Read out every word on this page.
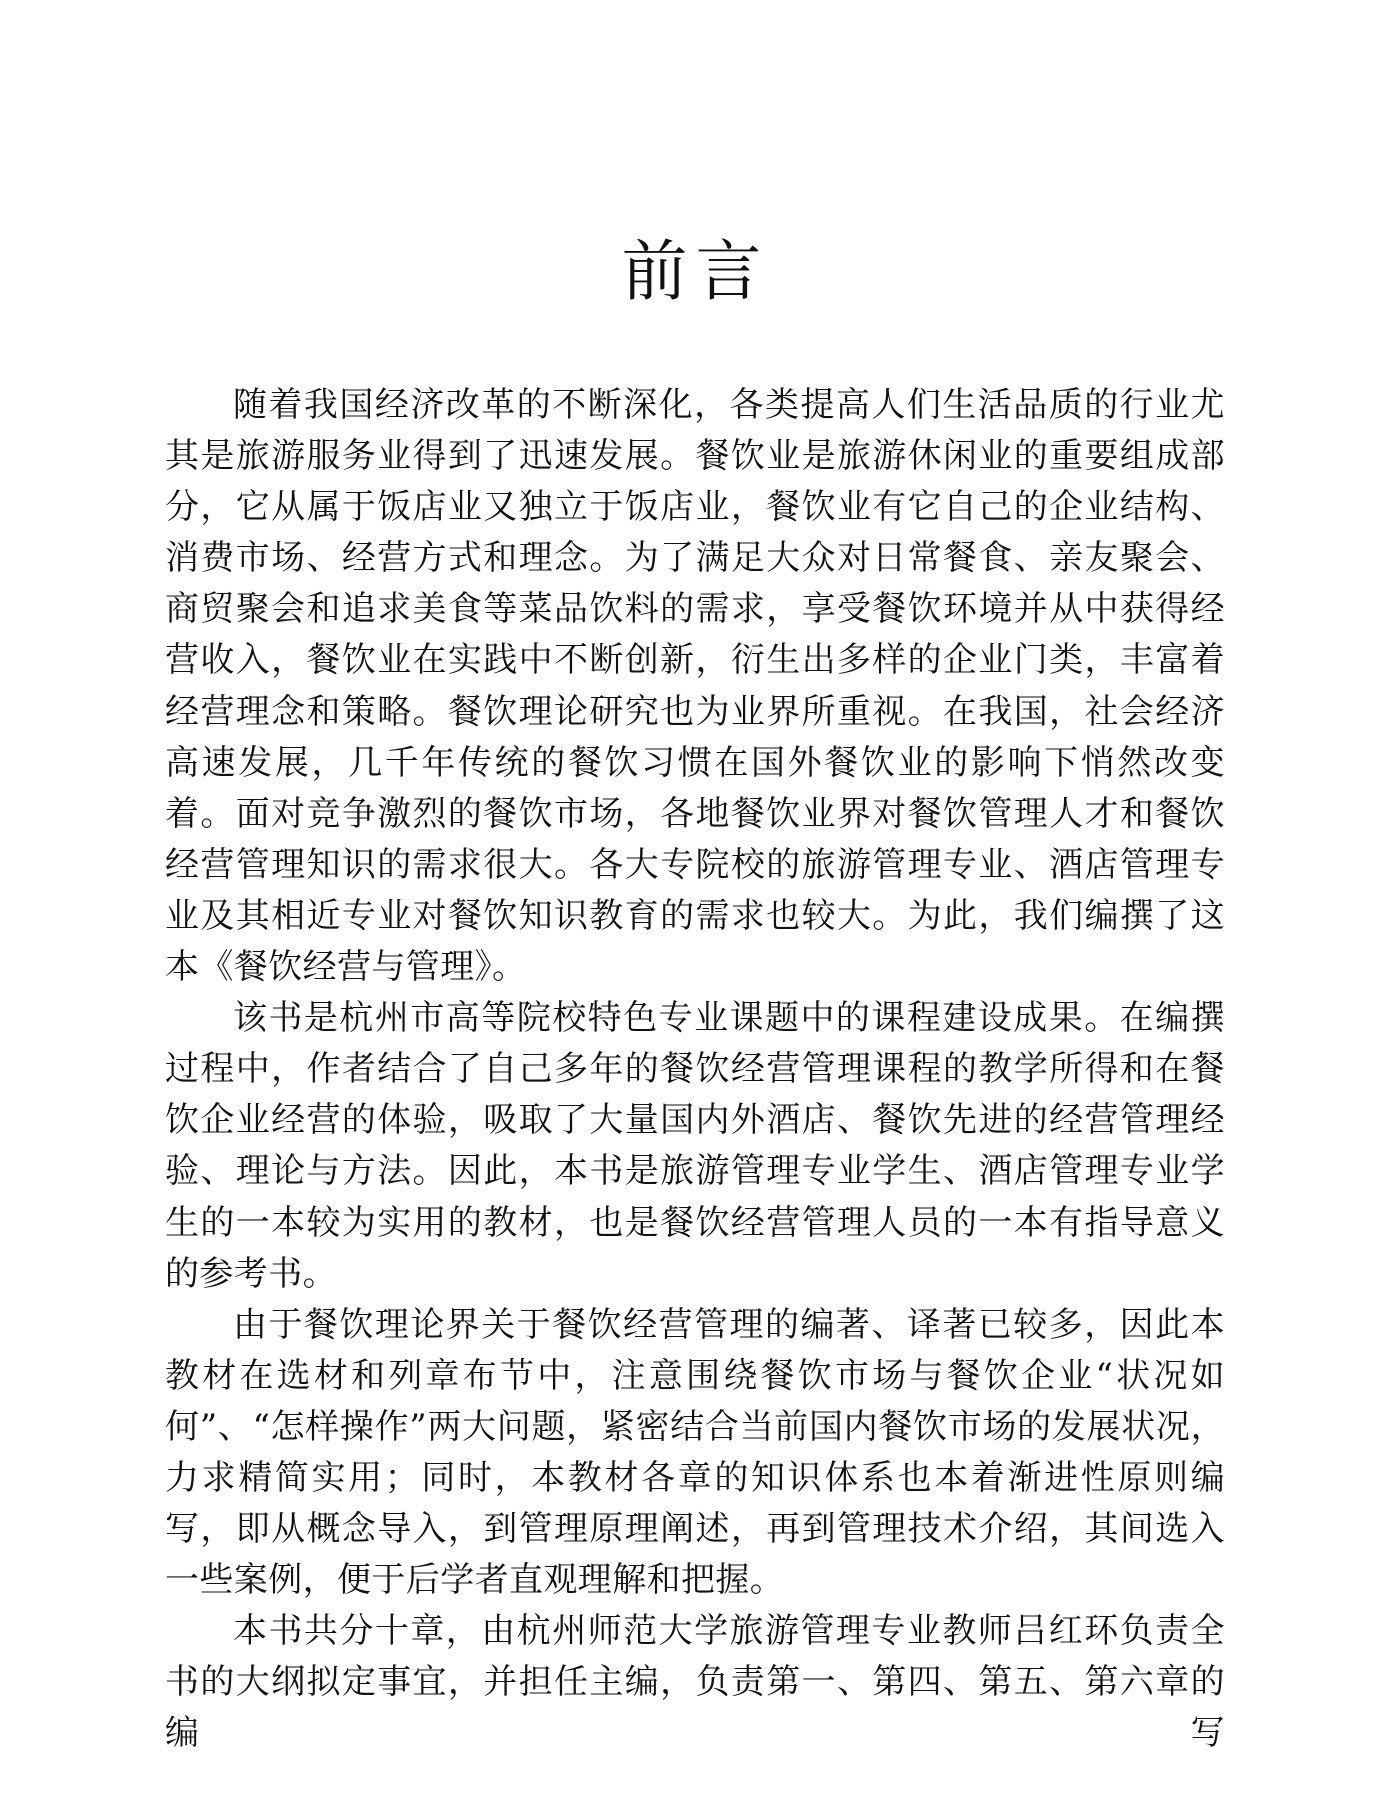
前言

随着我国经济改革的不断深化，各类提高人们生活品质的行业尤其是旅游服务业得到了迅速发展。餐饮业是旅游休闲业的重要组成部分，它从属于饭店业又独立于饭店业，餐饮业有它自己的企业结构、消费市场、经营方式和理念。为了满足大众对日常餐食、亲友聚会、商贸聚会和追求美食等菜品饮料的需求，享受餐饮环境并从中获得经营收入，餐饮业在实践中不断创新，衍生出多样的企业门类，丰富着经营理念和策略。餐饮理论研究也为业界所重视。在我国，社会经济高速发展，几千年传统的餐饮习惯在国外餐饮业的影响下悄然改变着。面对竞争激烈的餐饮市场，各地餐饮业界对餐饮管理人才和餐饮经营管理知识的需求很大。各大专院校的旅游管理专业、酒店管理专业及其相近专业对餐饮知识教育的需求也较大。为此，我们编撰了这本《餐饮经营与管理》。

该书是杭州市高等院校特色专业课题中的课程建设成果。在编撰过程中，作者结合了自己多年的餐饮经营管理课程的教学所得和在餐饮企业经营的体验，吸取了大量国内外酒店、餐饮先进的经营管理经验、理论与方法。因此，本书是旅游管理专业学生、酒店管理专业学生的一本较为实用的教材，也是餐饮经营管理人员的一本有指导意义的参考书。

由于餐饮理论界关于餐饮经营管理的编著、译著已较多，因此本教材在选材和列章布节中，注意围绕餐饮市场与餐饮企业“状况如何”、“怎样操作”两大问题，紧密结合当前国内餐饮市场的发展状况，力求精简实用；同时，本教材各章的知识体系也本着渐进性原则编写，即从概念导入，到管理原理阐述，再到管理技术介绍，其间选入一些案例，便于后学者直观理解和把握。

本书共分十章，由杭州师范大学旅游管理专业教师吕红环负责全书的大纲拟定事宜，并担任主编，负责第一、第四、第五、第六章的编写
